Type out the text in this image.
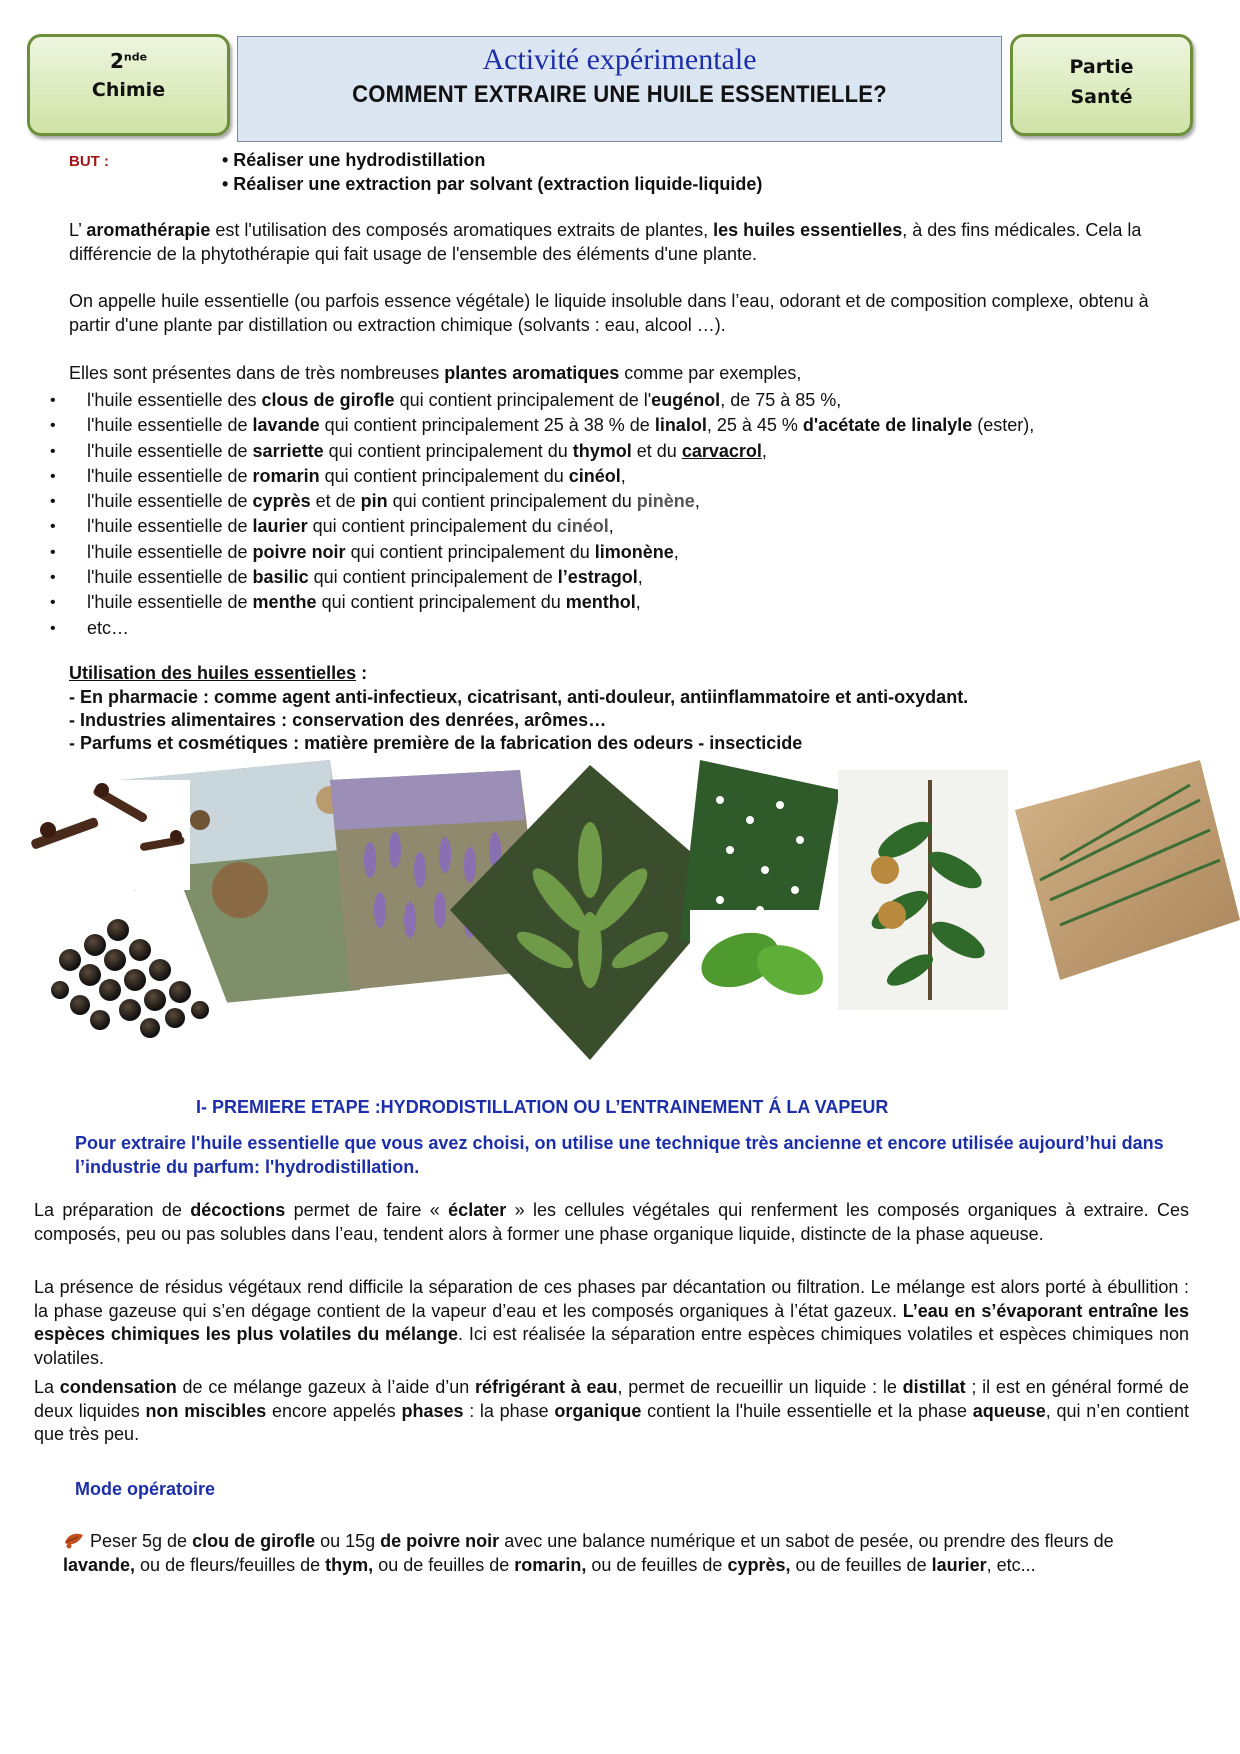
2nde
Chimie
Activité expérimentale
COMMENT EXTRAIRE UNE HUILE ESSENTIELLE?
Partie
Santé
BUT :	• Réaliser une hydrodistillation
• Réaliser une extraction par solvant (extraction liquide-liquide)
L’ aromathérapie est l'utilisation des composés aromatiques extraits de plantes, les huiles essentielles, à des fins médicales. Cela la différencie de la phytothérapie qui fait usage de l'ensemble des éléments d'une plante.
On appelle huile essentielle (ou parfois essence végétale) le liquide insoluble dans l’eau, odorant et de composition complexe, obtenu à partir d'une plante par distillation ou extraction chimique (solvants : eau, alcool …).
Elles sont présentes dans de très nombreuses plantes aromatiques comme par exemples,
• l'huile essentielle des clous de girofle qui contient principalement de l'eugénol, de 75 à 85 %,
• l'huile essentielle de lavande qui contient principalement 25 à 38 % de linalol, 25 à 45 % d'acétate de linalyle (ester),
• l'huile essentielle de sarriette qui contient principalement du thymol et du carvacrol,
• l'huile essentielle de romarin qui contient principalement du cinéol,
• l'huile essentielle de cyprès et de pin qui contient principalement du pinène,
• l'huile essentielle de laurier qui contient principalement du cinéol,
• l'huile essentielle de poivre noir qui contient principalement du limonène,
• l'huile essentielle de basilic qui contient principalement de l’estragol,
• l'huile essentielle de menthe qui contient principalement du menthol,
• etc…
Utilisation des huiles essentielles :
- En pharmacie : comme agent anti-infectieux, cicatrisant, anti-douleur, antiinflammatoire et anti-oxydant.
- Industries alimentaires : conservation des denrées, arômes…
- Parfums et cosmétiques : matière première de la fabrication des odeurs - insecticide
I- PREMIERE ETAPE :HYDRODISTILLATION OU L’ENTRAINEMENT Á LA VAPEUR
Pour extraire l'huile essentielle que vous avez choisi, on utilise une technique très ancienne et encore utilisée aujourd’hui dans l’industrie du parfum: l'hydrodistillation.
La préparation de décoctions permet de faire « éclater » les cellules végétales qui renferment les composés organiques à extraire. Ces composés, peu ou pas solubles dans l’eau, tendent alors à former une phase organique liquide, distincte de la phase aqueuse.
La présence de résidus végétaux rend difficile la séparation de ces phases par décantation ou filtration. Le mélange est alors porté à ébullition : la phase gazeuse qui s’en dégage contient de la vapeur d’eau et les composés organiques à l’état gazeux. L’eau en s’évaporant entraîne les espèces chimiques les plus volatiles du mélange. Ici est réalisée la séparation entre espèces chimiques volatiles et espèces chimiques non volatiles.
La condensation de ce mélange gazeux à l’aide d’un réfrigérant à eau, permet de recueillir un liquide : le distillat ; il est en général formé de deux liquides non miscibles encore appelés phases : la phase organique contient la l'huile essentielle et la phase aqueuse, qui n’en contient que très peu.
Mode opératoire
Peser 5g de clou de girofle ou 15g de poivre noir avec une balance numérique et un sabot de pesée, ou prendre des fleurs de lavande, ou de fleurs/feuilles de thym, ou de feuilles de romarin, ou de feuilles de cyprès, ou de feuilles de laurier, etc...
